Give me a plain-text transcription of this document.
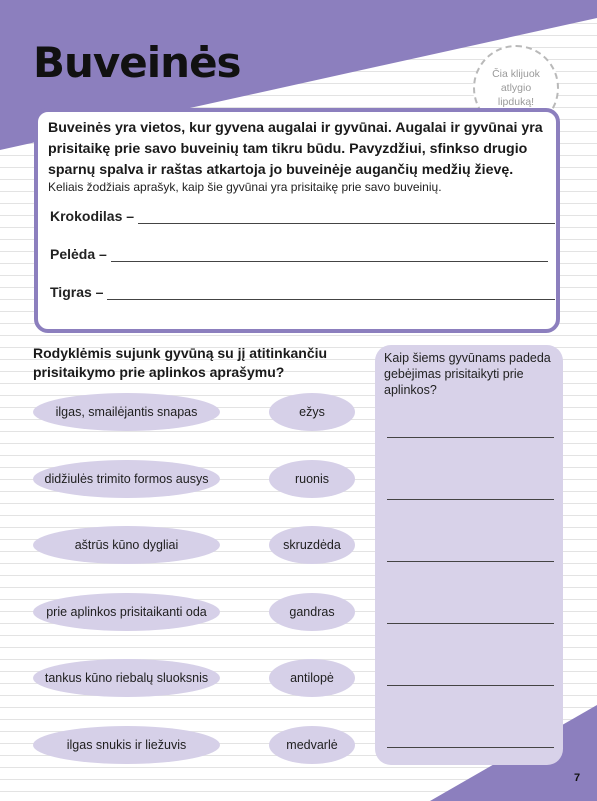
Buveinės	Čia klijuok atlygio lipduką!

Buveinės yra vietos, kur gyvena augalai ir gyvūnai. Augalai ir gyvūnai yra prisitaikę prie savo buveinių tam tikru būdu. Pavyzdžiui, sfinkso drugio sparnų spalva ir raštas atkartoja jo buveinėje augančių medžių žievę.

Keliais žodžiais aprašyk, kaip šie gyvūnai yra prisitaikę prie savo buveinių.

Krokodilas –
Pelėda –
Tigras –

Rodyklėmis sujunk gyvūną su jį atitinkančiu prisitaikymo prie aplinkos aprašymu?

ilgas, smailėjantis snapas
didžiulės trimito formos ausys
aštrūs kūno dygliai
prie aplinkos prisitaikanti oda
tankus kūno riebalų sluoksnis
ilgas snukis ir liežuvis
ežys
ruonis
skruzdėda
gandras
antilopė
medvarlė

Kaip šiems gyvūnams padeda gebėjimas prisitaikyti prie aplinkos?

7
